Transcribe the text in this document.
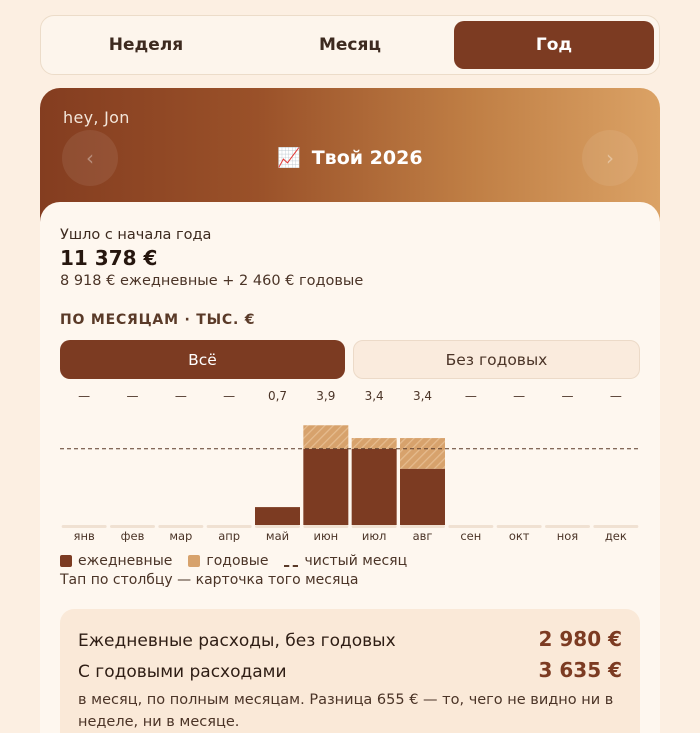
Неделя	Месяц	Год
hey, Jon
‹	📈 Твой 2026	›
Ушло с начала года
11 378 €
8 918 € ежедневные + 2 460 € годовые
ПО МЕСЯЦАМ · ТЫС. €
Всё	Без годовых
—
янв
—
фев
—
мар
—
апр
0,7
май
3,9
июн
3,4
июл
3,4
авг
—
сен
—
окт
—
ноя
—
дек
ежедневные годовые	чистый месяц
Тап по столбцу — карточка того месяца
Ежедневные расходы, без годовых	2 980 €
С годовыми расходами	3 635 €
в месяц, по полным месяцам. Разница 655 € — то, чего не видно ни в неделе, ни в месяце.
